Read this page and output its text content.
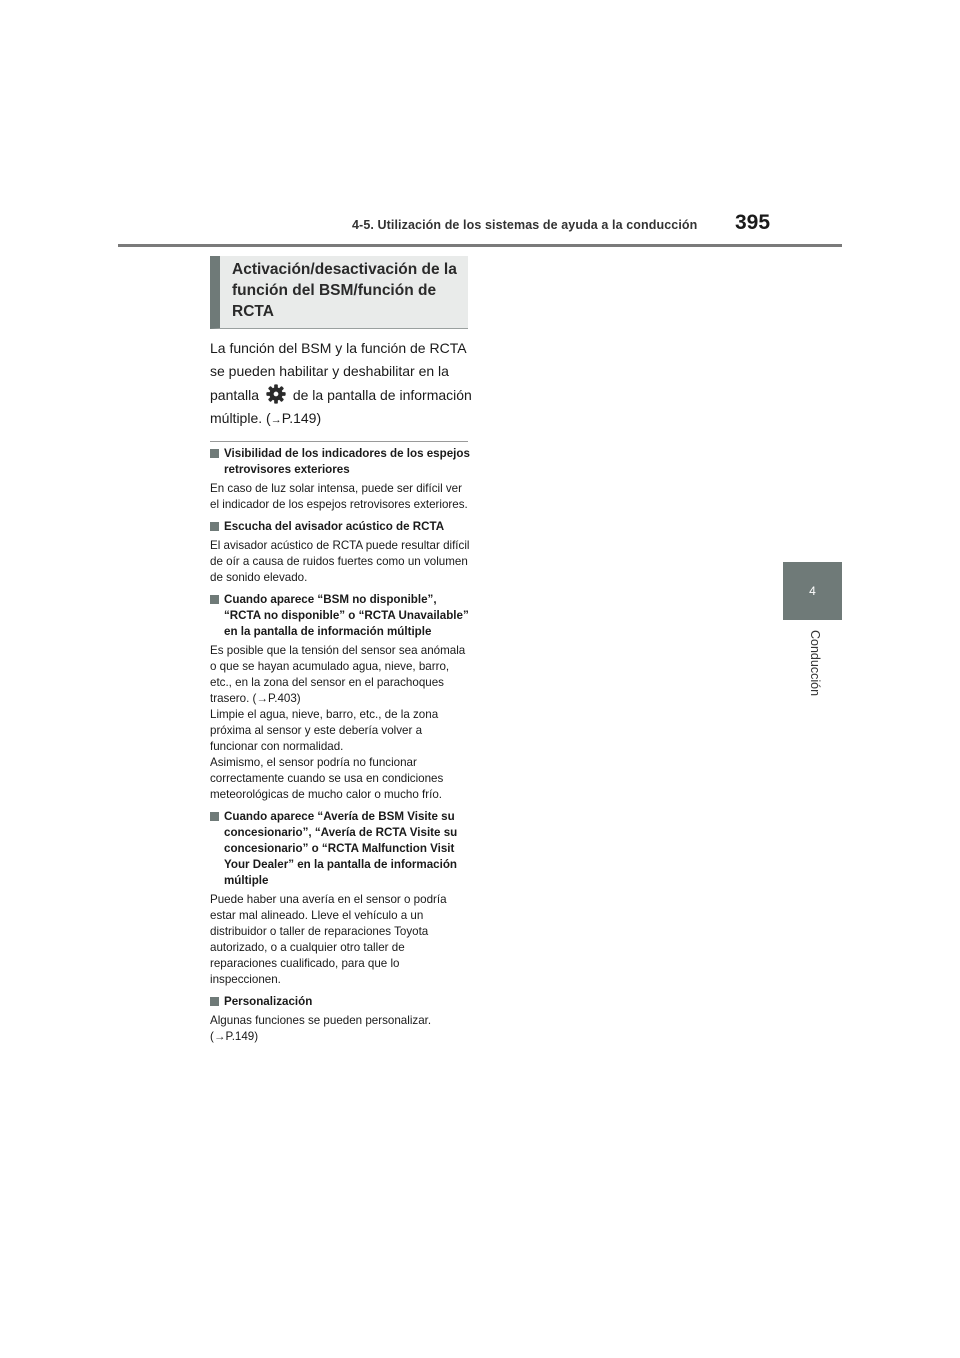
4-5. Utilización de los sistemas de ayuda a la conducción 395
4
Conducción
Activación/desactivación de la función del BSM/función de RCTA
La función del BSM y la función de RCTA se pueden habilitar y deshabilitar en la pantalla de la pantalla de información múltiple. (→P.149)
Visibilidad de los indicadores de los espejos retrovisores exteriores
En caso de luz solar intensa, puede ser difícil ver el indicador de los espejos retrovisores exteriores.
Escucha del avisador acústico de RCTA
El avisador acústico de RCTA puede resultar difícil de oír a causa de ruidos fuertes como un volumen de sonido elevado.
Cuando aparece “BSM no disponible”, “RCTA no disponible” o “RCTA Unavailable” en la pantalla de información múltiple
Es posible que la tensión del sensor sea anómala o que se hayan acumulado agua, nieve, barro, etc., en la zona del sensor en el parachoques trasero. (→P.403)
Limpie el agua, nieve, barro, etc., de la zona próxima al sensor y este debería volver a funcionar con normalidad.
Asimismo, el sensor podría no funcionar correctamente cuando se usa en condiciones meteorológicas de mucho calor o mucho frío.
Cuando aparece “Avería de BSM Visite su concesionario”, “Avería de RCTA Visite su concesionario” o “RCTA Malfunction Visit Your Dealer” en la pantalla de información múltiple
Puede haber una avería en el sensor o podría estar mal alineado. Lleve el vehículo a un distribuidor o taller de reparaciones Toyota autorizado, o a cualquier otro taller de reparaciones cualificado, para que lo inspeccionen.
Personalización
Algunas funciones se pueden personalizar. (→P.149)
